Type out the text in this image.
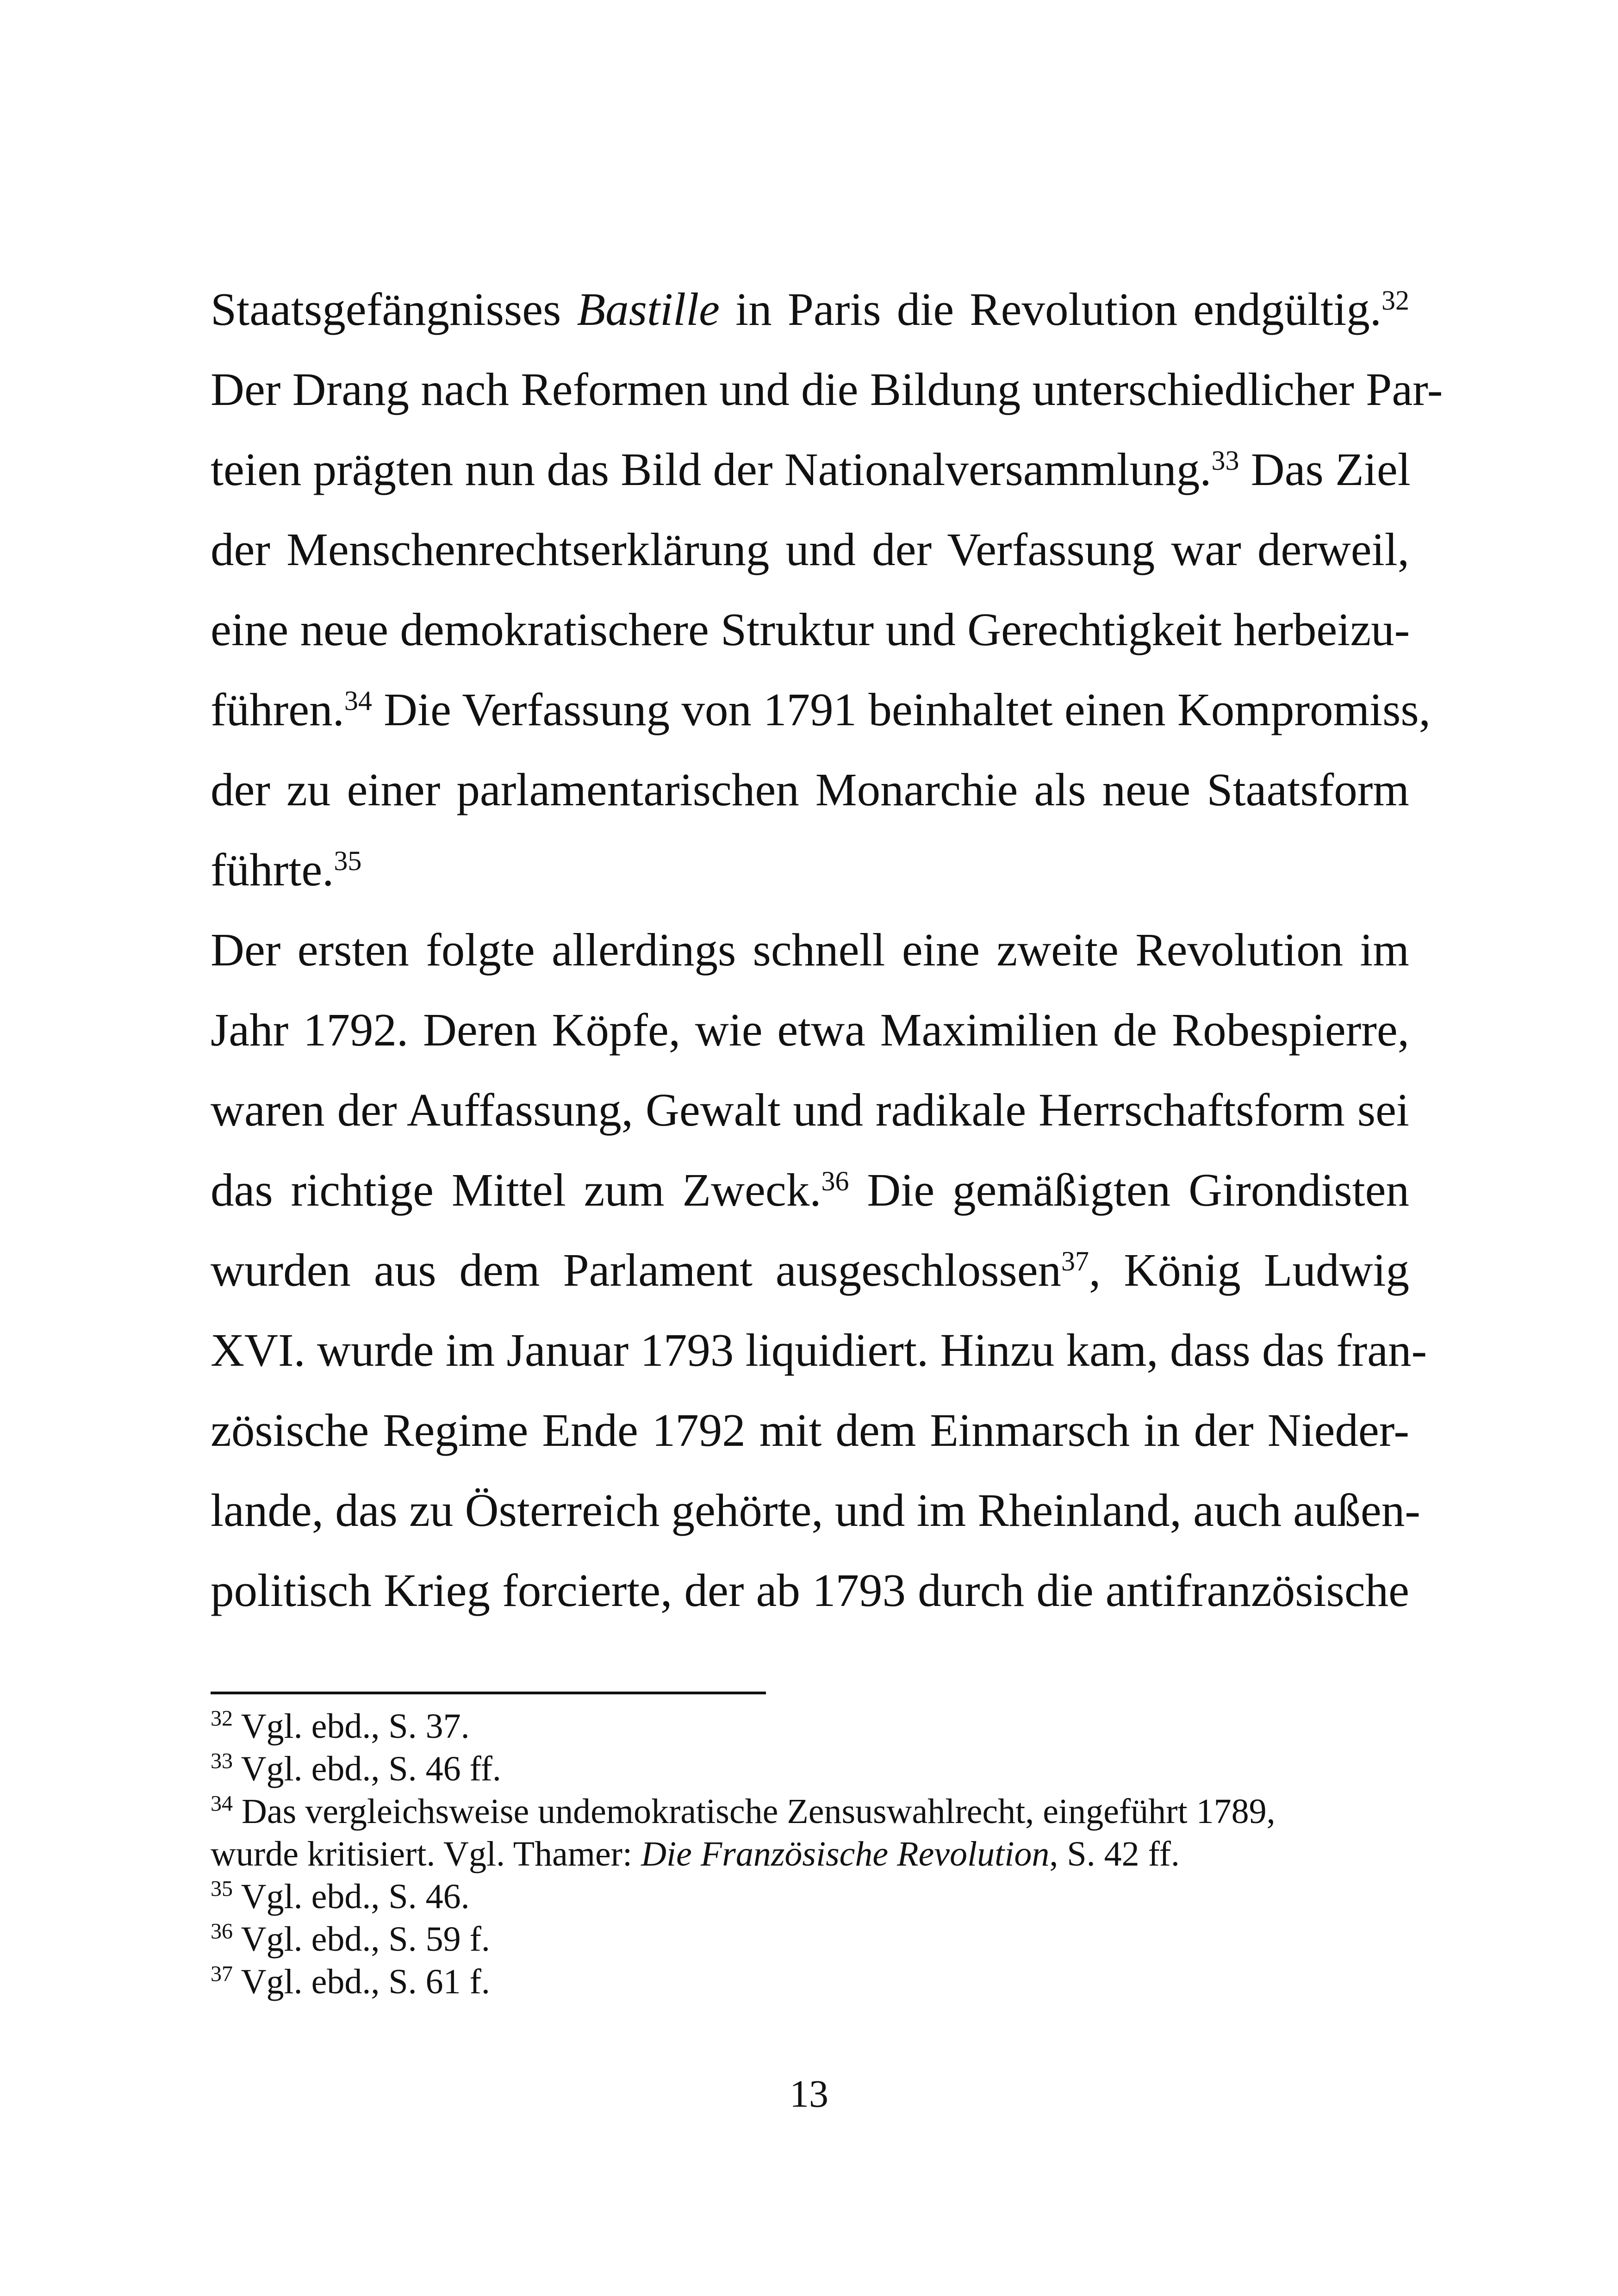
Staatsgefängnisses Bastille in Paris die Revolution endgültig.$^{32}$
Der Drang nach Reformen und die Bildung unterschiedlicher Par-
teien prägten nun das Bild der Nationalversammlung.$^{33}$ Das Ziel
der Menschenrechtserklärung und der Verfassung war derweil,
eine neue demokratischere Struktur und Gerechtigkeit herbeizu-
führen.$^{34}$ Die Verfassung von 1791 beinhaltet einen Kompromiss,
der zu einer parlamentarischen Monarchie als neue Staatsform
führte.$^{35}$
Der ersten folgte allerdings schnell eine zweite Revolution im
Jahr 1792. Deren Köpfe, wie etwa Maximilien de Robespierre,
waren der Auffassung, Gewalt und radikale Herrschaftsform sei
das richtige Mittel zum Zweck.$^{36}$ Die gemäßigten Girondisten
wurden aus dem Parlament ausgeschlossen$^{37}$, König Ludwig
XVI. wurde im Januar 1793 liquidiert. Hinzu kam, dass das fran-
zösische Regime Ende 1792 mit dem Einmarsch in der Nieder-
lande, das zu Österreich gehörte, und im Rheinland, auch außen-
politisch Krieg forcierte, der ab 1793 durch die antifranzösische
$^{32}$ Vgl. ebd., S. 37.
$^{33}$ Vgl. ebd., S. 46 ff.
$^{34}$ Das vergleichsweise undemokratische Zensuswahlrecht, eingeführt 1789,
wurde kritisiert. Vgl. Thamer: Die Französische Revolution, S. 42 ff.
$^{35}$ Vgl. ebd., S. 46.
$^{36}$ Vgl. ebd., S. 59 f.
$^{37}$ Vgl. ebd., S. 61 f.
13
